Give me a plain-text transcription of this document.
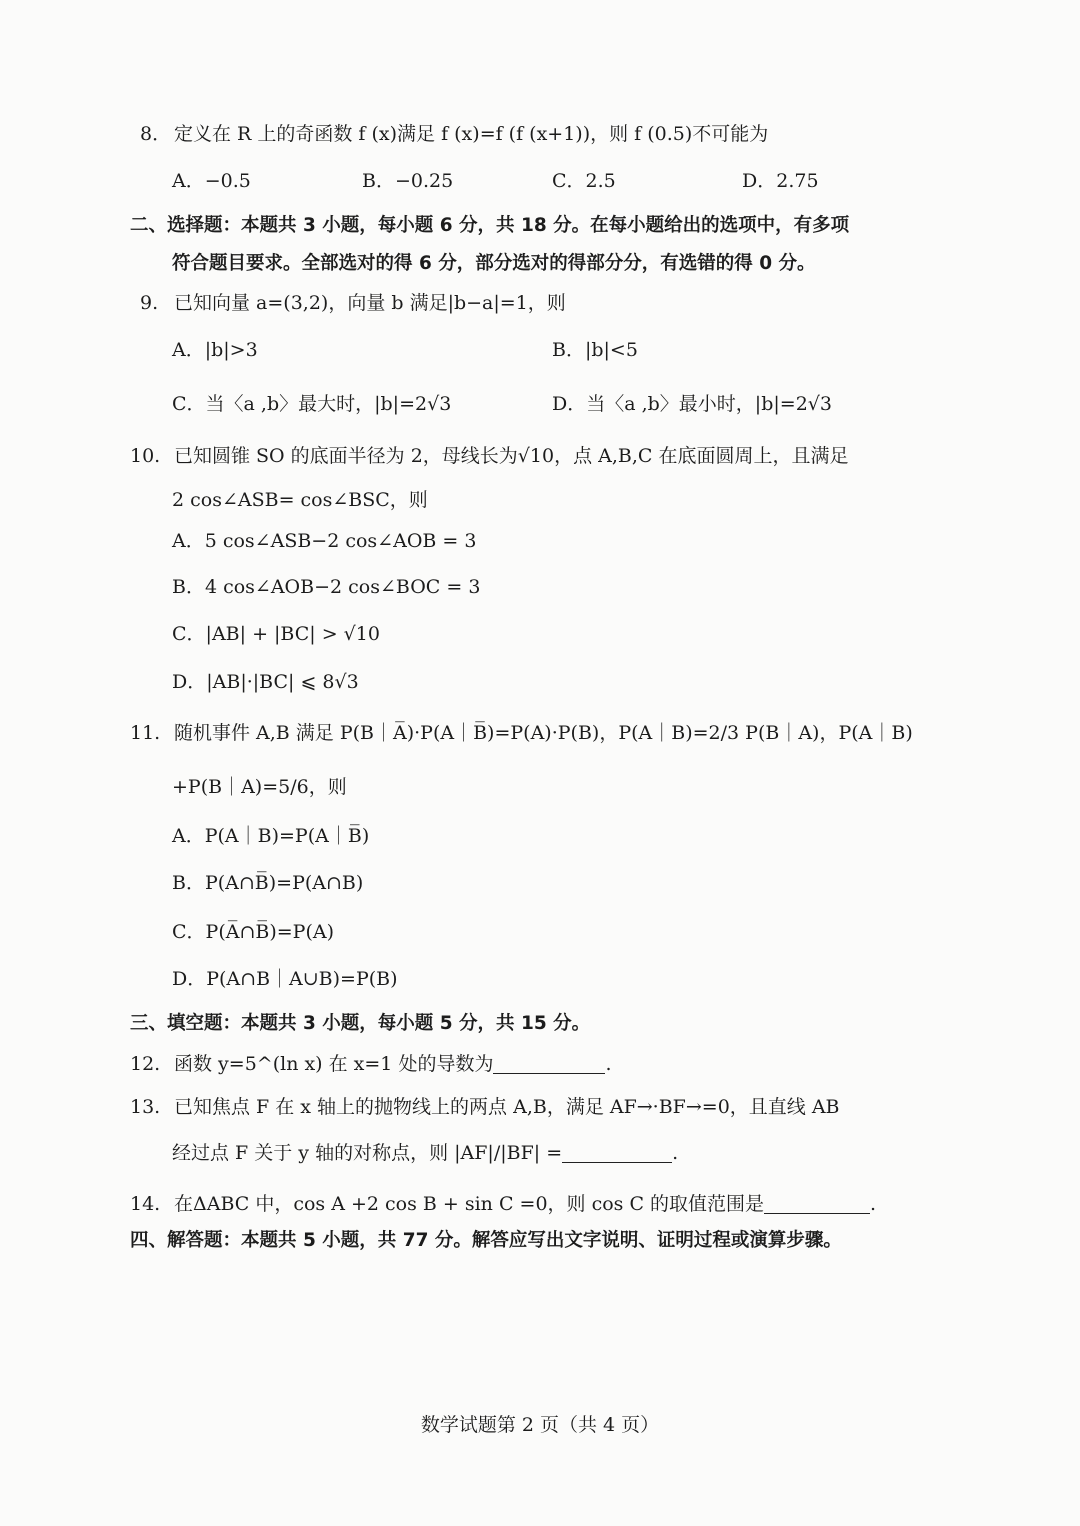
8． 定义在 R 上的奇函数 f (x)满足 f (x)=f (f (x+1))，则 f (0.5)不可能为
A．−0.5	B．−0.25	C．2.5	D．2.75
二、选择题：本题共 3 小题，每小题 6 分，共 18 分。在每小题给出的选项中，有多项
符合题目要求。全部选对的得 6 分，部分选对的得部分分，有选错的得 0 分。
9. 已知向量 a=(3,2)，向量 b 满足|b−a|=1，则
A．|b|>3	B．|b|<5
C．当〈a ,b〉最大时，|b|=2√3	D．当〈a ,b〉最小时，|b|=2√3
10. 已知圆锥 SO 的底面半径为 2，母线长为√10，点 A,B,C 在底面圆周上，且满足
2 cos∠ASB= cos∠BSC，则
A．5 cos∠ASB−2 cos∠AOB = 3
B．4 cos∠AOB−2 cos∠BOC = 3
C．|AB| + |BC| > √10
D．|AB|·|BC| ⩽ 8√3
11. 随机事件 A,B 满足 P(B｜A̅)·P(A｜B̅)=P(A)·P(B)，P(A｜B)=2/3 P(B｜A)，P(A｜B)
+P(B｜A)=5/6，则
A．P(A｜B)=P(A｜B̅)
B．P(A∩B̅)=P(A∩B)
C．P(A̅∩B̅)=P(A)
D．P(A∩B｜A∪B)=P(B)
三、填空题：本题共 3 小题，每小题 5 分，共 15 分。
12. 函数 y=5^(ln x) 在 x=1 处的导数为	.
13. 已知焦点 F 在 x 轴上的抛物线上的两点 A,B，满足 AF→·BF→=0，且直线 AB
经过点 F 关于 y 轴的对称点，则 |AF|/|BF| =	.
14. 在ΔABC 中，cos A +2 cos B + sin C =0，则 cos C 的取值范围是	.
四、解答题：本题共 5 小题，共 77 分。解答应写出文字说明、证明过程或演算步骤。
数学试题第 2 页（共 4 页）
